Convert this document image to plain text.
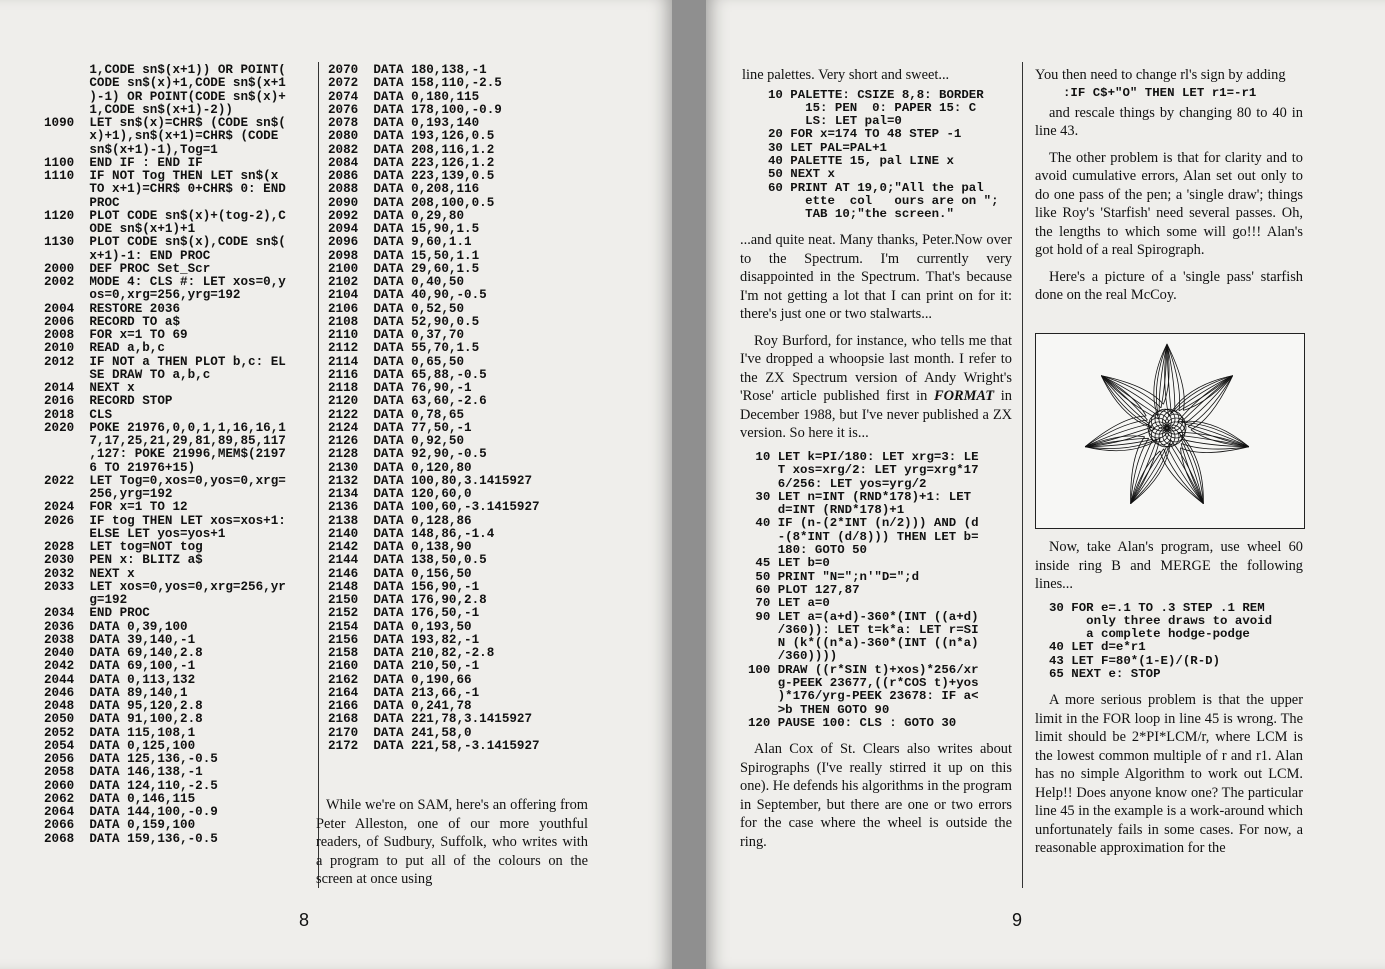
1,CODE sn$(x+1)) OR POINT(
CODE sn$(x)+1,CODE sn$(x+1
)-1) OR POINT(CODE sn$(x)+
1,CODE sn$(x+1)-2))
1090  LET sn$(x)=CHR$ (CODE sn$(
x)+1),sn$(x+1)=CHR$ (CODE
sn$(x+1)-1),Tog=1
1100  END IF : END IF
1110  IF NOT Tog THEN LET sn$(x
TO x+1)=CHR$ 0+CHR$ 0: END
PROC
1120  PLOT CODE sn$(x)+(tog-2),C
ODE sn$(x+1)+1
1130  PLOT CODE sn$(x),CODE sn$(
x+1)-1: END PROC
2000  DEF PROC Set_Scr
2002  MODE 4: CLS #: LET xos=0,y
os=0,xrg=256,yrg=192
2004  RESTORE 2036
2006  RECORD TO a$
2008  FOR x=1 TO 69
2010  READ a,b,c
2012  IF NOT a THEN PLOT b,c: EL
SE DRAW TO a,b,c
2014  NEXT x
2016  RECORD STOP
2018  CLS
2020  POKE 21976,0,0,1,1,16,16,1
7,17,25,21,29,81,89,85,117
,127: POKE 21996,MEM$(2197
6 TO 21976+15)
2022  LET Tog=0,xos=0,yos=0,xrg=
256,yrg=192
2024  FOR x=1 TO 12
2026  IF tog THEN LET xos=xos+1:
ELSE LET yos=yos+1
2028  LET tog=NOT tog
2030  PEN x: BLITZ a$
2032  NEXT x
2033  LET xos=0,yos=0,xrg=256,yr
g=192
2034  END PROC
2036  DATA 0,39,100
2038  DATA 39,140,-1
2040  DATA 69,140,2.8
2042  DATA 69,100,-1
2044  DATA 0,113,132
2046  DATA 89,140,1
2048  DATA 95,120,2.8
2050  DATA 91,100,2.8
2052  DATA 115,108,1
2054  DATA 0,125,100
2056  DATA 125,136,-0.5
2058  DATA 146,138,-1
2060  DATA 124,110,-2.5
2062  DATA 0,146,115
2064  DATA 144,100,-0.9
2066  DATA 0,159,100
2068  DATA 159,136,-0.5
2070  DATA 180,138,-1
2072  DATA 158,110,-2.5
2074  DATA 0,180,115
2076  DATA 178,100,-0.9
2078  DATA 0,193,140
2080  DATA 193,126,0.5
2082  DATA 208,116,1.2
2084  DATA 223,126,1.2
2086  DATA 223,139,0.5
2088  DATA 0,208,116
2090  DATA 208,100,0.5
2092  DATA 0,29,80
2094  DATA 15,90,1.5
2096  DATA 9,60,1.1
2098  DATA 15,50,1.1
2100  DATA 29,60,1.5
2102  DATA 0,40,50
2104  DATA 40,90,-0.5
2106  DATA 0,52,50
2108  DATA 52,90,0.5
2110  DATA 0,37,70
2112  DATA 55,70,1.5
2114  DATA 0,65,50
2116  DATA 65,88,-0.5
2118  DATA 76,90,-1
2120  DATA 63,60,-2.6
2122  DATA 0,78,65
2124  DATA 77,50,-1
2126  DATA 0,92,50
2128  DATA 92,90,-0.5
2130  DATA 0,120,80
2132  DATA 100,80,3.1415927
2134  DATA 120,60,0
2136  DATA 100,60,-3.1415927
2138  DATA 0,128,86
2140  DATA 148,86,-1.4
2142  DATA 0,138,90
2144  DATA 138,50,0.5
2146  DATA 0,156,50
2148  DATA 156,90,-1
2150  DATA 176,90,2.8
2152  DATA 176,50,-1
2154  DATA 0,193,50
2156  DATA 193,82,-1
2158  DATA 210,82,-2.8
2160  DATA 210,50,-1
2162  DATA 0,190,66
2164  DATA 213,66,-1
2166  DATA 0,241,78
2168  DATA 221,78,3.1415927
2170  DATA 241,58,0
2172  DATA 221,58,-3.1415927

While we're on SAM, here's an offering from Peter Alleston, one of our more youthful readers, of Sudbury, Suffolk, who writes with a program to put all of the colours on the screen at once using

8

line palettes. Very short and sweet...

10 PALETTE: CSIZE 8,8: BORDER
15: PEN  0: PAPER 15: C
LS: LET pal=0
20 FOR x=174 TO 48 STEP -1
30 LET PAL=PAL+1
40 PALETTE 15, pal LINE x
50 NEXT x
60 PRINT AT 19,0;"All the pal
ette  col   ours are on ";
TAB 10;"the screen."

...and quite neat. Many thanks, Peter.Now over to the Spectrum. I'm currently very disappointed in the Spectrum. That's because I'm not getting a lot that I can print on for it: there's just one or two stalwarts...

Roy Burford, for instance, who tells me that I've dropped a whoopsie last month. I refer to the ZX Spectrum version of Andy Wright's 'Rose' article published first in FORMAT in December 1988, but I've never published a ZX version. So here it is...

10 LET k=PI/180: LET xrg=3: LE
T xos=xrg/2: LET yrg=xrg*17
6/256: LET yos=yrg/2
30 LET n=INT (RND*178)+1: LET
d=INT (RND*178)+1
40 IF (n-(2*INT (n/2))) AND (d
-(8*INT (d/8))) THEN LET b=
180: GOTO 50
45 LET b=0
50 PRINT "N=";n'"D=";d
60 PLOT 127,87
70 LET a=0
90 LET a=(a+d)-360*(INT ((a+d)
/360)): LET t=k*a: LET r=SI
N (k*((n*a)-360*(INT ((n*a)
/360))))
100 DRAW ((r*SIN t)+xos)*256/xr
g-PEEK 23677,((r*COS t)+yos
)*176/yrg-PEEK 23678: IF a<
>b THEN GOTO 90
120 PAUSE 100: CLS : GOTO 30

Alan Cox of St. Clears also writes about Spirographs (I've really stirred it up on this one). He defends his algorithms in the program in September, but there are one or two errors for the case where the wheel is outside the ring.

You then need to change rl's sign by adding

:IF C$+"O" THEN LET r1=-r1

and rescale things by changing 80 to 40 in line 43.

The other problem is that for clarity and to avoid cumulative errors, Alan set out only to do one pass of the pen; a 'single draw'; things like Roy's 'Starfish' need several passes. Oh, the lengths to which some will go!!! Alan's got hold of a real Spirograph.

Here's a picture of a 'single pass' starfish done on the real McCoy.

Now, take Alan's program, use wheel 60 inside ring B and MERGE the following lines...

30 FOR e=.1 TO .3 STEP .1 REM
only three draws to avoid
a complete hodge-podge
40 LET d=e*r1
43 LET F=80*(1-E)/(R-D)
65 NEXT e: STOP

A more serious problem is that the upper limit in the FOR loop in line 45 is wrong. The limit should be 2*PI*LCM/r, where LCM is the lowest common multiple of r and r1. Alan has no simple Algorithm to work out LCM. Help!! Does anyone know one? The particular line 45 in the example is a work-around which unfortunately fails in some cases. For now, a reasonable approximation for the

9
